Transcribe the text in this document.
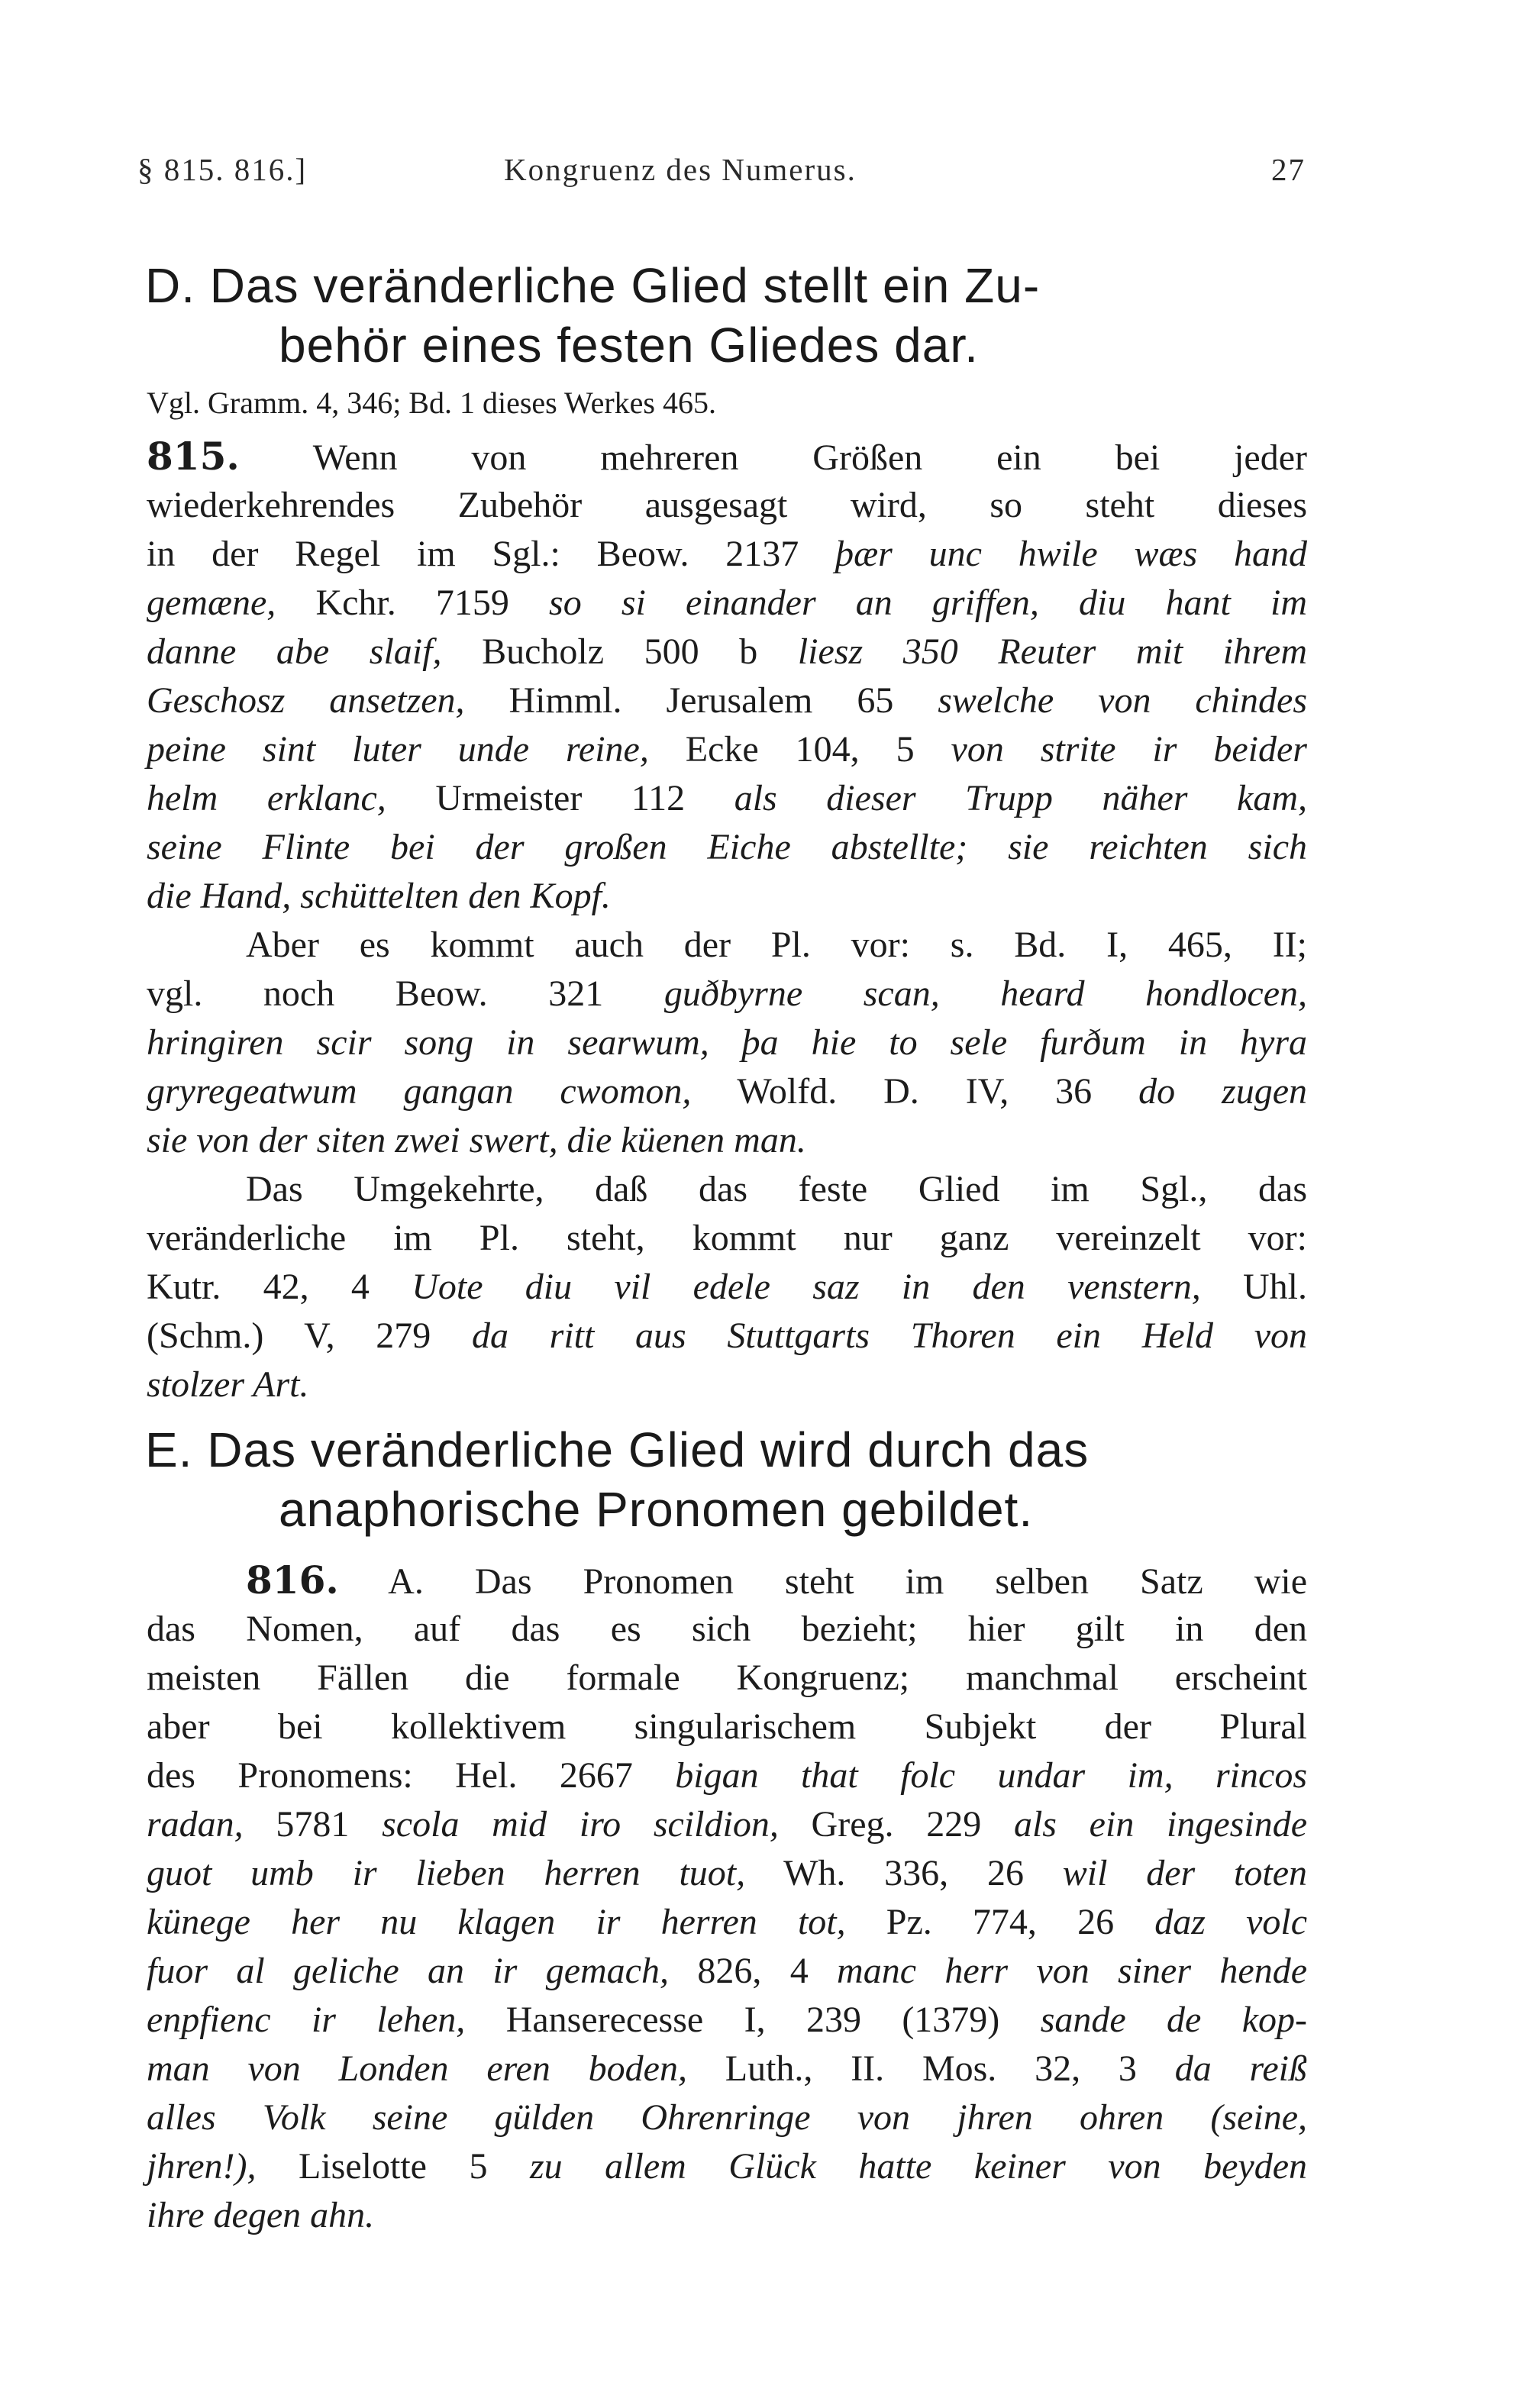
§ 815. 816.]	Kongruenz des Numerus.	27
D. Das veränderliche Glied stellt ein Zu-
behör eines festen Gliedes dar.
Vgl. Gramm. 4, 346; Bd. 1 dieses Werkes 465.
815. Wenn von mehreren Größen ein bei jeder
wiederkehrendes Zubehör ausgesagt wird, so steht dieses
in der Regel im Sgl.: Beow. 2137 þær unc hwile wæs hand
gemæne, Kchr. 7159 so si einander an griffen, diu hant im
danne abe slaif, Bucholz 500 b liesz 350 Reuter mit ihrem
Geschosz ansetzen, Himml. Jerusalem 65 swelche von chindes
peine sint luter unde reine, Ecke 104, 5 von strite ir beider
helm erklanc, Urmeister 112 als dieser Trupp näher kam,
seine Flinte bei der großen Eiche abstellte; sie reichten sich
die Hand, schüttelten den Kopf.
Aber es kommt auch der Pl. vor: s. Bd. I, 465, II;
vgl. noch Beow. 321 guðbyrne scan, heard hondlocen,
hringiren scir song in searwum, þa hie to sele furðum in hyra
gryregeatwum gangan cwomon, Wolfd. D. IV, 36 do zugen
sie von der siten zwei swert, die küenen man.
Das Umgekehrte, daß das feste Glied im Sgl., das
veränderliche im Pl. steht, kommt nur ganz vereinzelt vor:
Kutr. 42, 4 Uote diu vil edele saz in den venstern, Uhl.
(Schm.) V, 279 da ritt aus Stuttgarts Thoren ein Held von
stolzer Art.
E. Das veränderliche Glied wird durch das
anaphorische Pronomen gebildet.
816. A. Das Pronomen steht im selben Satz wie
das Nomen, auf das es sich bezieht; hier gilt in den
meisten Fällen die formale Kongruenz; manchmal erscheint
aber bei kollektivem singularischem Subjekt der Plural
des Pronomens: Hel. 2667 bigan that folc undar im, rincos
radan, 5781 scola mid iro scildion, Greg. 229 als ein ingesinde
guot umb ir lieben herren tuot, Wh. 336, 26 wil der toten
künege her nu klagen ir herren tot, Pz. 774, 26 daz volc
fuor al geliche an ir gemach, 826, 4 manc herr von siner hende
enpfienc ir lehen, Hanserecesse I, 239 (1379) sande de kop-
man von Londen eren boden, Luth., II. Mos. 32, 3 da reiß
alles Volk seine gülden Ohrenringe von jhren ohren (seine,
jhren!), Liselotte 5 zu allem Glück hatte keiner von beyden
ihre degen ahn.
